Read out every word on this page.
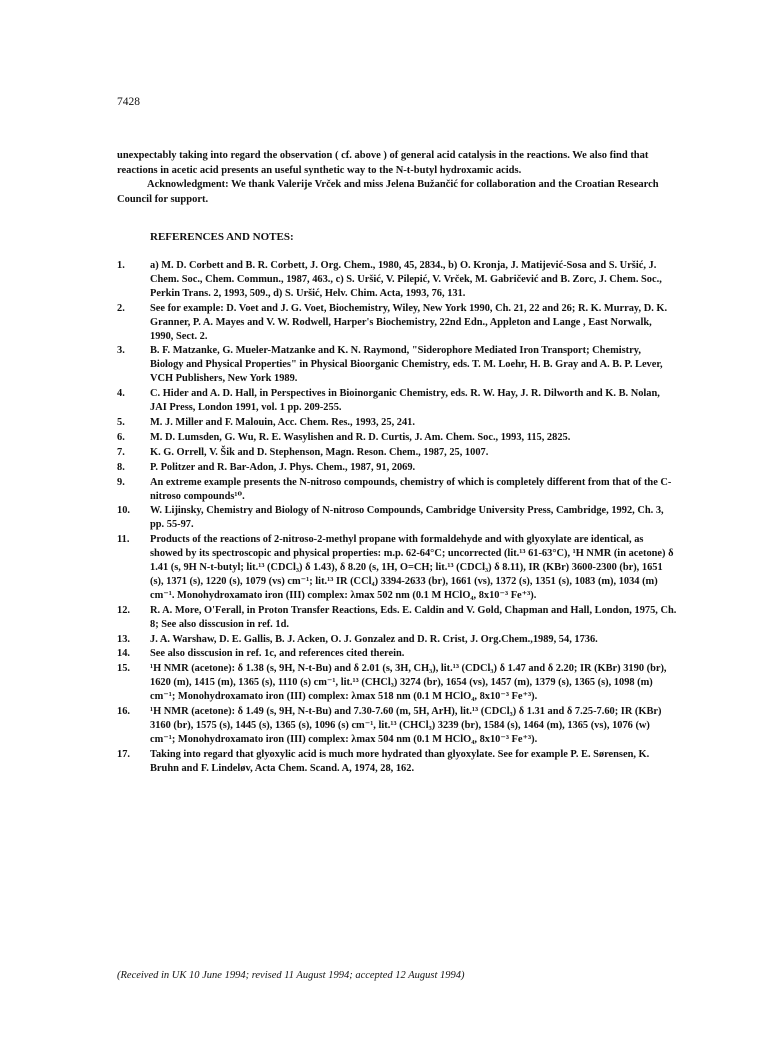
7428

unexpectably taking into regard the observation ( cf. above ) of general acid catalysis in the reactions. We also find that reactions in acetic acid presents an useful synthetic way to the N-t-butyl hydroxamic acids.

Acknowledgment: We thank Valerije Vrček and miss Jelena Bužančić for collaboration and the Croatian Research Council for support.

REFERENCES AND NOTES:
1.	a) M. D. Corbett and B. R. Corbett, J. Org. Chem., 1980, 45, 2834., b) O. Kronja, J. Matijević-Sosa and S. Uršić, J. Chem. Soc., Chem. Commun., 1987, 463., c) S. Uršić, V. Pilepić, V. Vrček, M. Gabričević and B. Zorc, J. Chem. Soc., Perkin Trans. 2, 1993, 509., d) S. Uršić, Helv. Chim. Acta, 1993, 76, 131.
2.	See for example: D. Voet and J. G. Voet, Biochemistry, Wiley, New York 1990, Ch. 21, 22 and 26; R. K. Murray, D. K. Granner, P. A. Mayes and V. W. Rodwell, Harper's Biochemistry, 22nd Edn., Appleton and Lange , East Norwalk, 1990, Sect. 2.
3.	B. F. Matzanke, G. Mueler-Matzanke and K. N. Raymond, "Siderophore Mediated Iron Transport; Chemistry, Biology and Physical Properties" in Physical Bioorganic Chemistry, eds. T. M. Loehr, H. B. Gray and A. B. P. Lever, VCH Publishers, New York 1989.
4.	C. Hider and A. D. Hall, in Perspectives in Bioinorganic Chemistry, eds. R. W. Hay, J. R. Dilworth and K. B. Nolan, JAI Press, London 1991, vol. 1 pp. 209-255.
5.	M. J. Miller and F. Malouin, Acc. Chem. Res., 1993, 25, 241.
6.	M. D. Lumsden, G. Wu, R. E. Wasylishen and R. D. Curtis, J. Am. Chem. Soc., 1993, 115, 2825.
7.	K. G. Orrell, V. Šik and D. Stephenson, Magn. Reson. Chem., 1987, 25, 1007.
8.	P. Politzer and R. Bar-Adon, J. Phys. Chem., 1987, 91, 2069.
9.	An extreme example presents the N-nitroso compounds, chemistry of which is completely different from that of the C-nitroso compounds¹⁰.
10.	W. Lijinsky, Chemistry and Biology of N-nitroso Compounds, Cambridge University Press, Cambridge, 1992, Ch. 3, pp. 55-97.
11.	Products of the reactions of 2-nitroso-2-methyl propane with formaldehyde and with glyoxylate are identical, as showed by its spectroscopic and physical properties: m.p. 62-64°C; uncorrected (lit.¹³ 61-63°C), ¹H NMR (in acetone) δ 1.41 (s, 9H N-t-butyl; lit.¹³ (CDCl₃) δ 1.43), δ 8.20 (s, 1H, O=CH; lit.¹³ (CDCl₃) δ 8.11), IR (KBr) 3600-2300 (br), 1651 (s), 1371 (s), 1220 (s), 1079 (vs) cm⁻¹; lit.¹³ IR (CCl₄) 3394-2633 (br), 1661 (vs), 1372 (s), 1351 (s), 1083 (m), 1034 (m) cm⁻¹. Monohydroxamato iron (III) complex: λmax 502 nm (0.1 M HClO₄, 8x10⁻³ Fe⁺³).
12.	R. A. More, O'Ferall, in Proton Transfer Reactions, Eds. E. Caldin and V. Gold, Chapman and Hall, London, 1975, Ch. 8; See also disscusion in ref. 1d.
13.	J. A. Warshaw, D. E. Gallis, B. J. Acken, O. J. Gonzalez and D. R. Crist, J. Org.Chem.,1989, 54, 1736.
14.	See also disscusion in ref. 1c, and references cited therein.
15.	¹H NMR (acetone): δ 1.38 (s, 9H, N-t-Bu) and δ 2.01 (s, 3H, CH₃), lit.¹³ (CDCl₃) δ 1.47 and δ 2.20; IR (KBr) 3190 (br), 1620 (m), 1415 (m), 1365 (s), 1110 (s) cm⁻¹, lit.¹³ (CHCl₃) 3274 (br), 1654 (vs), 1457 (m), 1379 (s), 1365 (s), 1098 (m) cm⁻¹; Monohydroxamato iron (III) complex: λmax 518 nm (0.1 M HClO₄, 8x10⁻³ Fe⁺³).
16.	¹H NMR (acetone): δ 1.49 (s, 9H, N-t-Bu) and 7.30-7.60 (m, 5H, ArH), lit.¹³ (CDCl₃) δ 1.31 and δ 7.25-7.60; IR (KBr) 3160 (br), 1575 (s), 1445 (s), 1365 (s), 1096 (s) cm⁻¹, lit.¹³ (CHCl₃) 3239 (br), 1584 (s), 1464 (m), 1365 (vs), 1076 (w) cm⁻¹; Monohydroxamato iron (III) complex: λmax 504 nm (0.1 M HClO₄, 8x10⁻³ Fe⁺³).
17.	Taking into regard that glyoxylic acid is much more hydrated than glyoxylate. See for example P. E. Sørensen, K. Bruhn and F. Lindeløv, Acta Chem. Scand. A, 1974, 28, 162.
(Received in UK 10 June 1994; revised 11 August 1994; accepted 12 August 1994)
